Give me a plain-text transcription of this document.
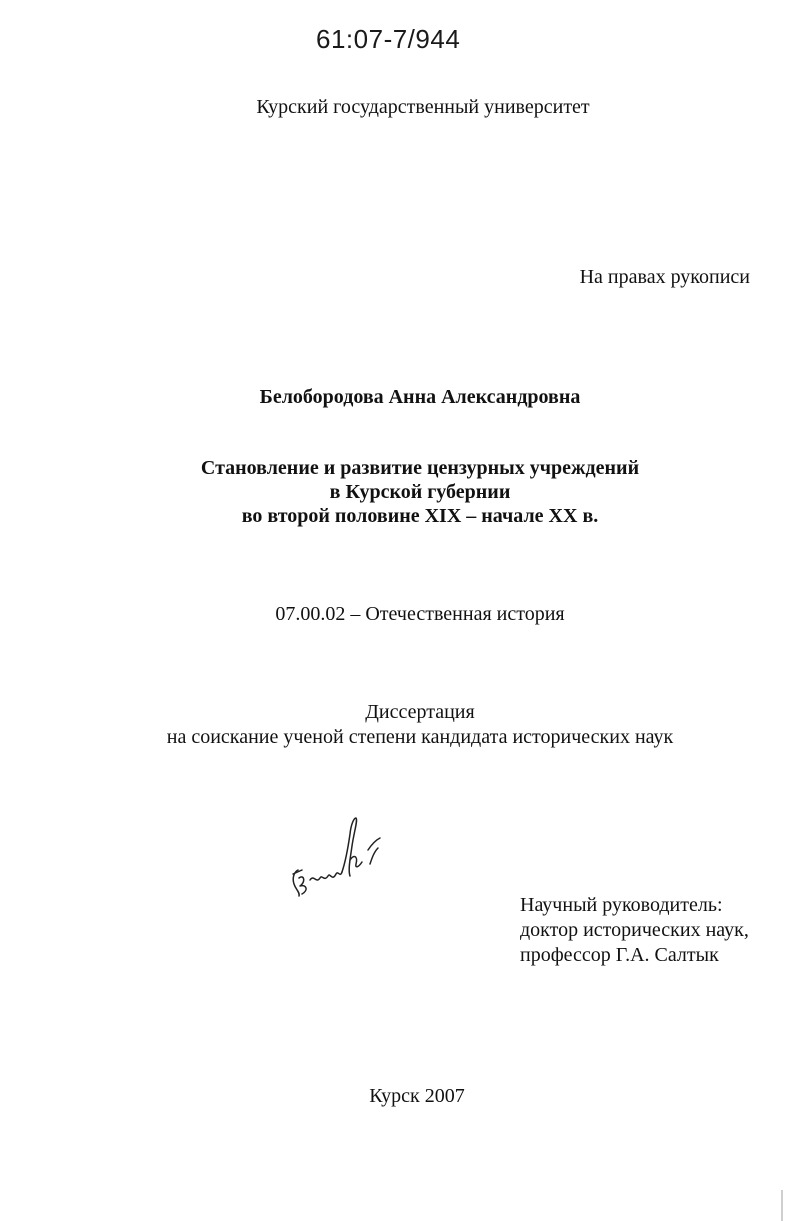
61:07-7/944
Курский государственный университет
На правах рукописи
Белобородова Анна Александровна
Становление и развитие цензурных учреждений
в Курской губернии
во второй половине XIX – начале XX в.
07.00.02 – Отечественная история
Диссертация
на соискание ученой степени кандидата исторических наук
Научный руководитель:
доктор исторических наук,
профессор Г.А. Салтык
Курск 2007
